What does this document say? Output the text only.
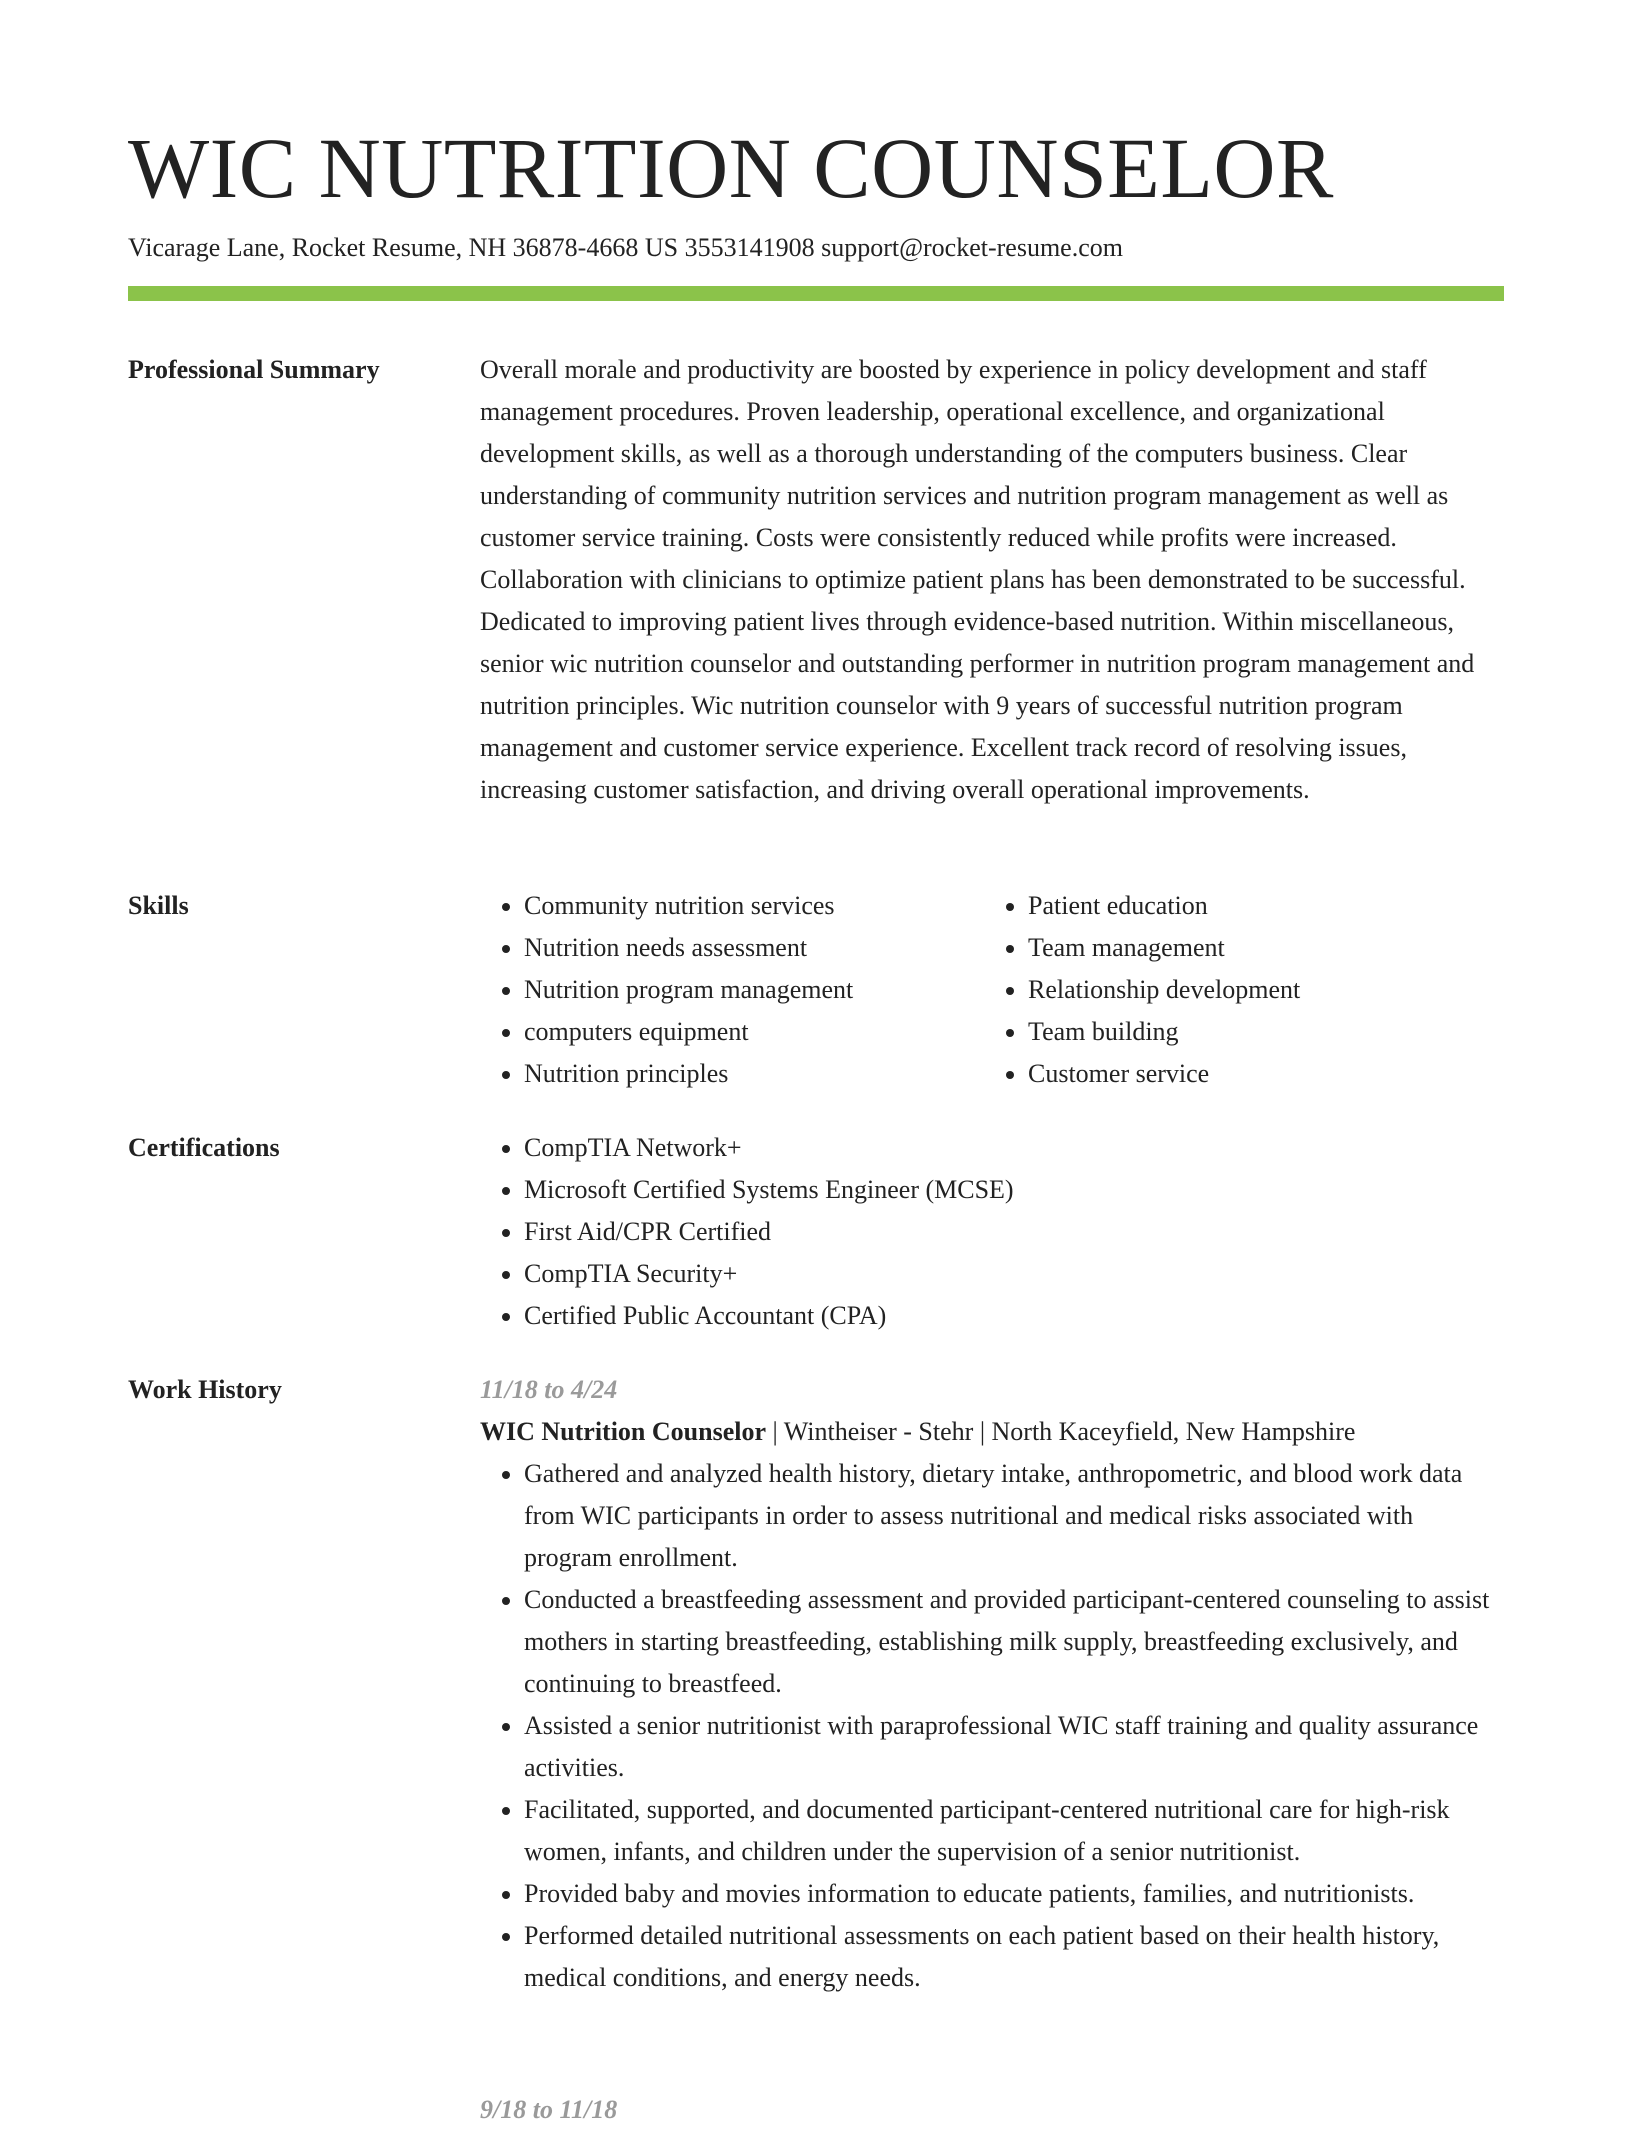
WIC NUTRITION COUNSELOR
Vicarage Lane, Rocket Resume, NH 36878-4668 US 3553141908 support@rocket-resume.com
Professional Summary	Overall morale and productivity are boosted by experience in policy development and staff management procedures. Proven leadership, operational excellence, and organizational development skills, as well as a thorough understanding of the computers business. Clear understanding of community nutrition services and nutrition program management as well as customer service training. Costs were consistently reduced while profits were increased. Collaboration with clinicians to optimize patient plans has been demonstrated to be successful. Dedicated to improving patient lives through evidence-based nutrition. Within miscellaneous, senior wic nutrition counselor and outstanding performer in nutrition program management and nutrition principles. Wic nutrition counselor with 9 years of successful nutrition program management and customer service experience. Excellent track record of resolving issues, increasing customer satisfaction, and driving overall operational improvements.

Skills	• Community nutrition services
• Nutrition needs assessment
• Nutrition program management
• computers equipment
• Nutrition principles
• Patient education
• Team management
• Relationship development
• Team building
• Customer service
Certifications	• CompTIA Network+
• Microsoft Certified Systems Engineer (MCSE)
• First Aid/CPR Certified
• CompTIA Security+
• Certified Public Accountant (CPA)
Work History	11/18 to 4/24
WIC Nutrition Counselor | Wintheiser - Stehr | North Kaceyfield, New Hampshire
• Gathered and analyzed health history, dietary intake, anthropometric, and blood work data from WIC participants in order to assess nutritional and medical risks associated with program enrollment.
• Conducted a breastfeeding assessment and provided participant-centered counseling to assist mothers in starting breastfeeding, establishing milk supply, breastfeeding exclusively, and continuing to breastfeed.
• Assisted a senior nutritionist with paraprofessional WIC staff training and quality assurance activities.
• Facilitated, supported, and documented participant-centered nutritional care for high-risk women, infants, and children under the supervision of a senior nutritionist.
• Provided baby and movies information to educate patients, families, and nutritionists.
• Performed detailed nutritional assessments on each patient based on their health history, medical conditions, and energy needs.
9/18 to 11/18
